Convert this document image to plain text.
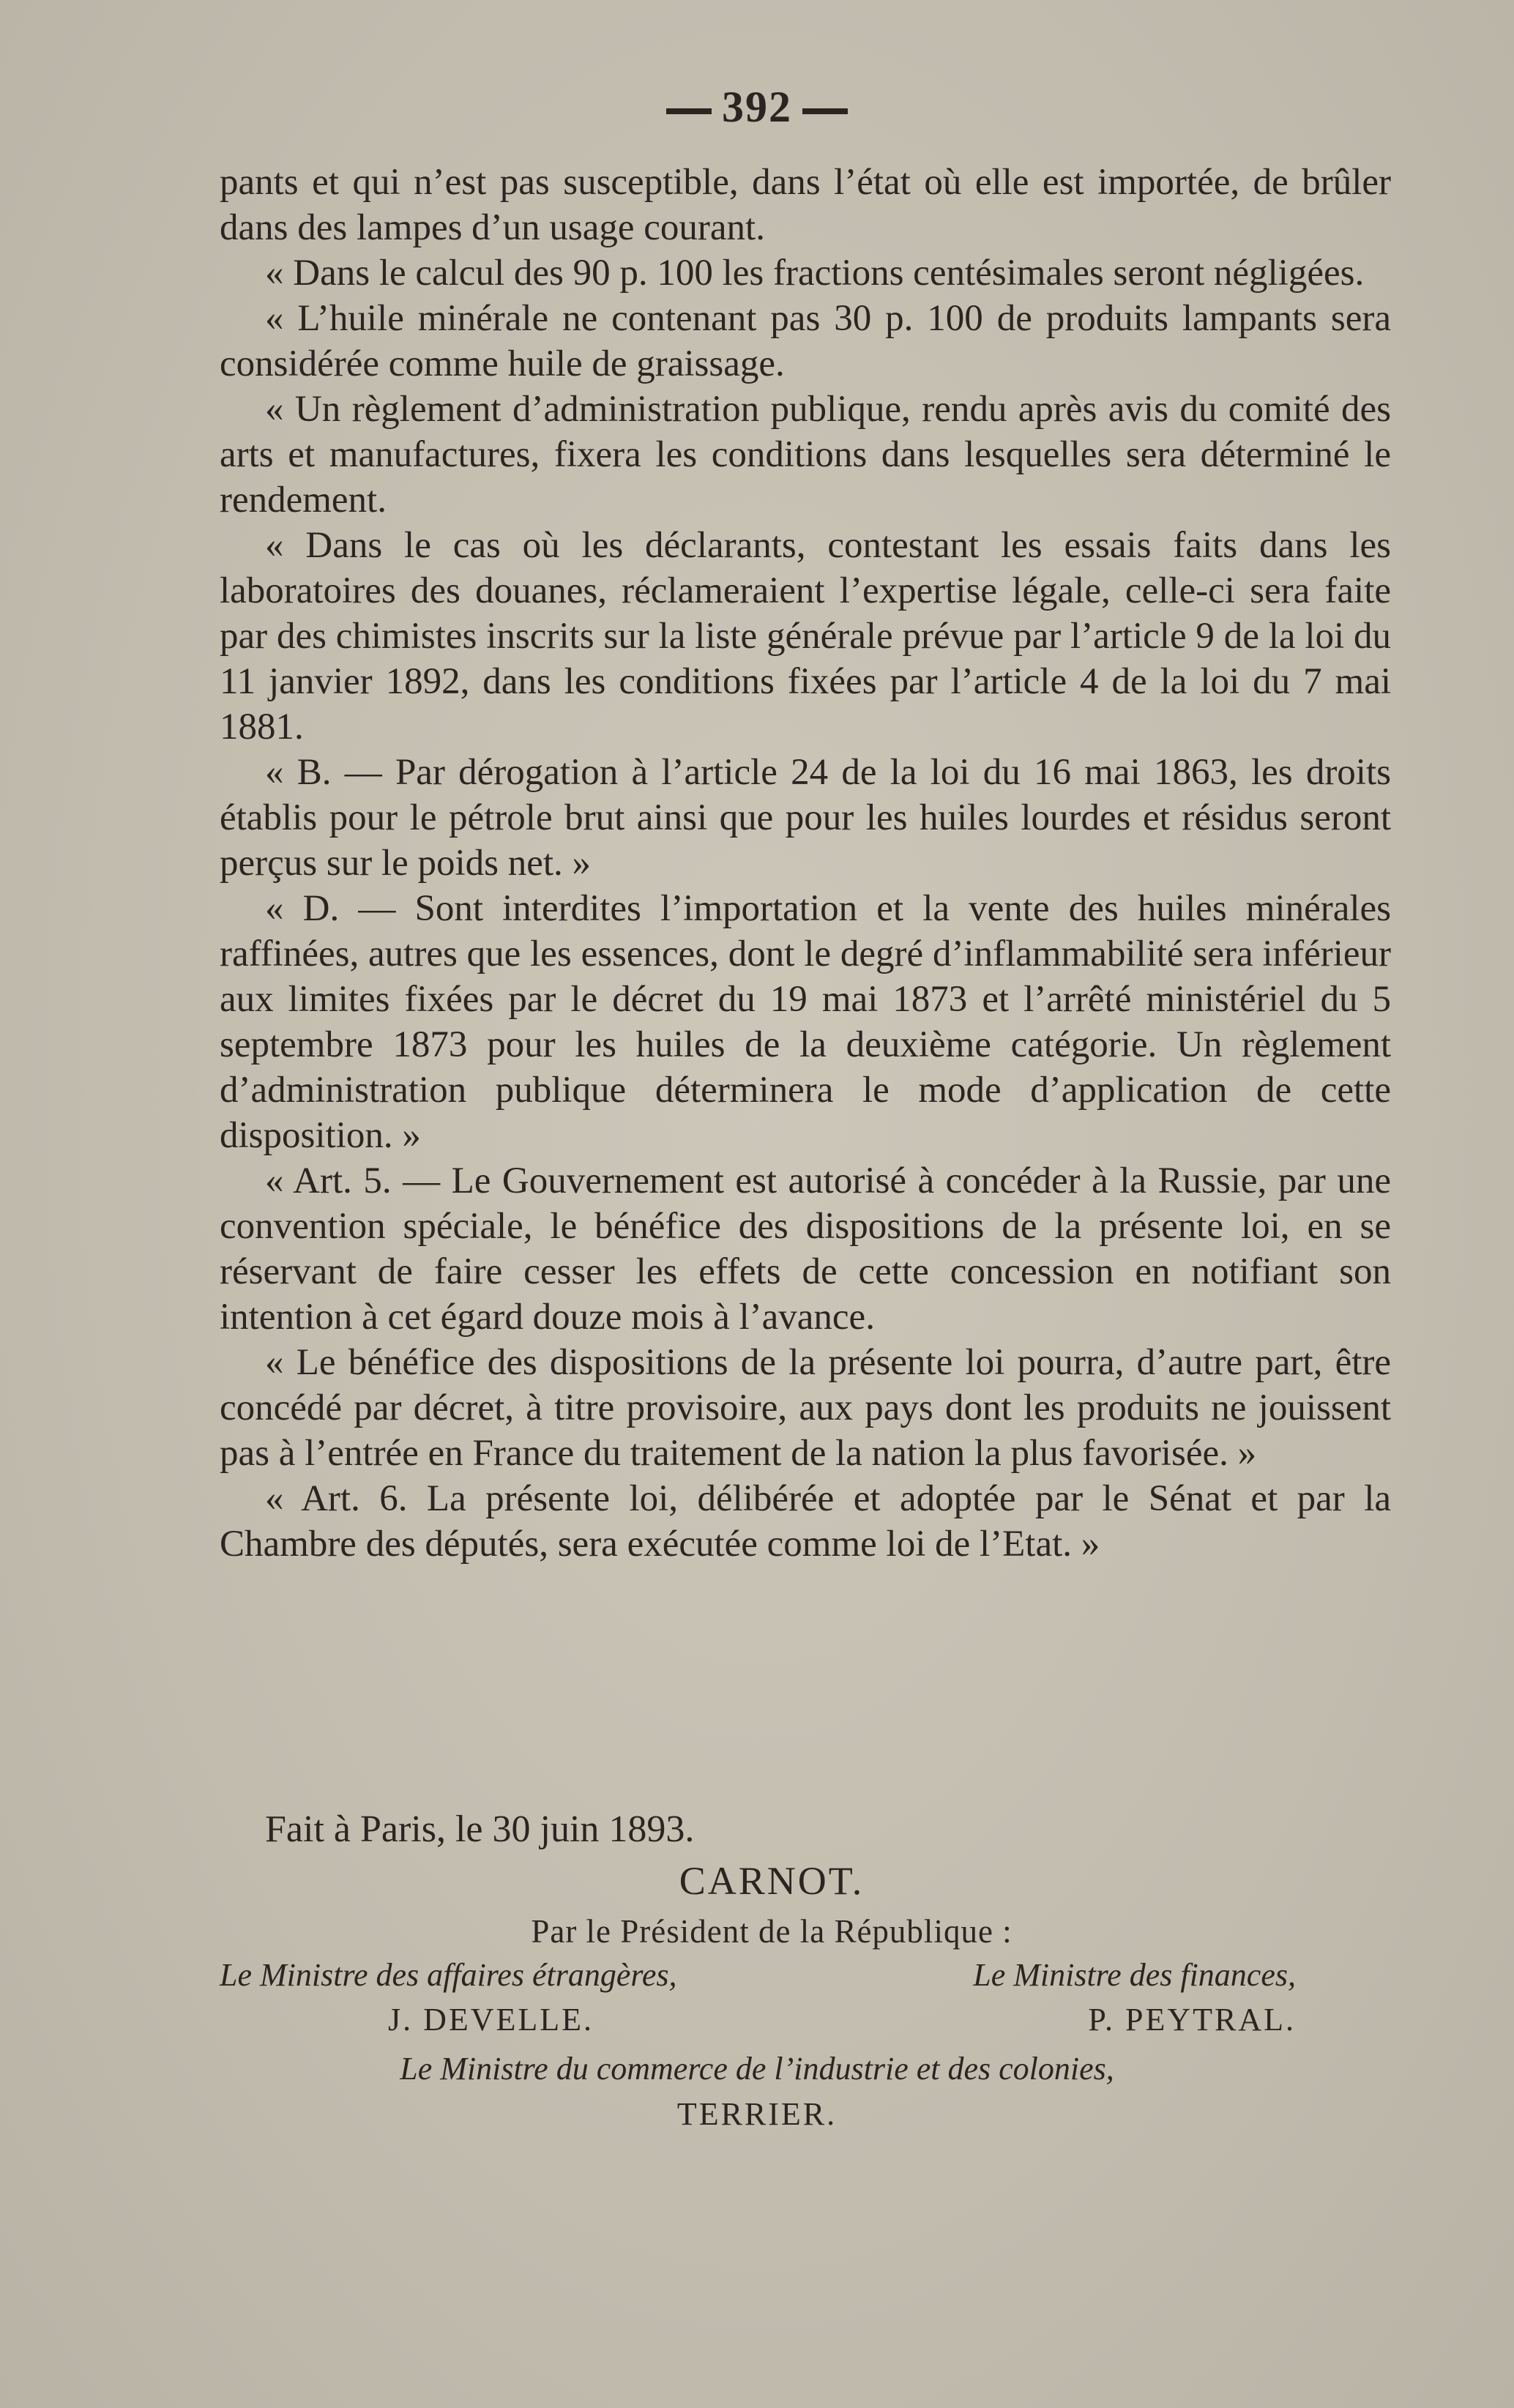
392

pants et qui n’est pas susceptible, dans l’état où elle est importée, de brûler dans des lampes d’un usage courant.

« Dans le calcul des 90 p. 100 les fractions centésimales seront négligées.

« L’huile minérale ne contenant pas 30 p. 100 de produits lampants sera considérée comme huile de graissage.

« Un règlement d’administration publique, rendu après avis du comité des arts et manufactures, fixera les conditions dans lesquelles sera déterminé le rendement.

« Dans le cas où les déclarants, contestant les essais faits dans les laboratoires des douanes, réclameraient l’expertise légale, celle-ci sera faite par des chimistes inscrits sur la liste générale prévue par l’article 9 de la loi du 11 janvier 1892, dans les conditions fixées par l’article 4 de la loi du 7 mai 1881.

« B. — Par dérogation à l’article 24 de la loi du 16 mai 1863, les droits établis pour le pétrole brut ainsi que pour les huiles lourdes et résidus seront perçus sur le poids net. »

« D. — Sont interdites l’importation et la vente des huiles minérales raffinées, autres que les essences, dont le degré d’inflammabilité sera inférieur aux limites fixées par le décret du 19 mai 1873 et l’arrêté ministériel du 5 septembre 1873 pour les huiles de la deuxième catégorie. Un règlement d’administration publique déterminera le mode d’application de cette disposition. »

« Art. 5. — Le Gouvernement est autorisé à concéder à la Russie, par une convention spéciale, le bénéfice des dispositions de la présente loi, en se réservant de faire cesser les effets de cette concession en notifiant son intention à cet égard douze mois à l’avance.

« Le bénéfice des dispositions de la présente loi pourra, d’autre part, être concédé par décret, à titre provisoire, aux pays dont les produits ne jouissent pas à l’entrée en France du traitement de la nation la plus favorisée. »

« Art. 6. La présente loi, délibérée et adoptée par le Sénat et par la Chambre des députés, sera exécutée comme loi de l’Etat. »

Fait à Paris, le 30 juin 1893.
CARNOT.
Par le Président de la République :
Le Ministre des affaires étrangères,	Le Ministre des finances,
J. DEVELLE.	P. PEYTRAL.
Le Ministre du commerce de l’industrie et des colonies,
TERRIER.
